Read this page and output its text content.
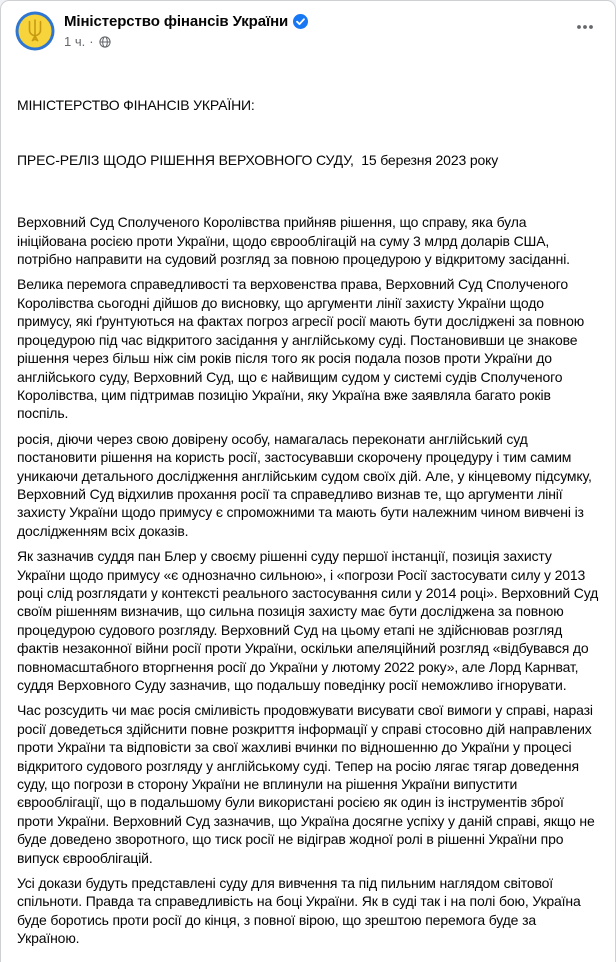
Міністерство фінансів України
1 ч. ·

МІНІСТЕРСТВО ФІНАНСІВ УКРАЇНИ:

ПРЕС-РЕЛІЗ ЩОДО РІШЕННЯ ВЕРХОВНОГО СУДУ,  15 березня 2023 року

Верховний Суд Сполученого Королівства прийняв рішення, що справу, яка була ініційована росією проти України, щодо єврооблігацій на суму 3 млрд доларів США, потрібно направити на судовий розгляд за повною процедурою у відкритому засіданні.

Велика перемога справедливості та верховенства права, Верховний Суд Сполученого Королівства сьогодні дійшов до висновку, що аргументи лінії захисту України щодо примусу, які ґрунтуються на фактах погроз агресії росії мають бути досліджені за повною процедурою під час відкритого засідання у англійському суді. Постановивши це знакове рішення через більш ніж сім років після того як росія подала позов проти України до англійського суду, Верховний Суд, що є найвищим судом у системі судів Сполученого Королівства, цим підтримав позицію України, яку Україна вже заявляла багато років поспіль.

росія, діючи через свою довірену особу, намагалась переконати англійський суд постановити рішення на користь росії, застосувавши скорочену процедуру і тим самим уникаючи детального дослідження англійським судом своїх дій. Але, у кінцевому підсумку, Верховний Суд відхилив прохання росії та справедливо визнав те, що аргументи лінії захисту України щодо примусу є спроможними та мають бути належним чином вивчені із дослідженням всіх доказів.

Як зазначив суддя пан Блер у своєму рішенні суду першої інстанції, позиція захисту України щодо примусу «є однозначно сильною», і «погрози Росії застосувати силу у 2013 році слід розглядати у контексті реального застосування сили у 2014 році». Верховний Суд своїм рішенням визначив, що сильна позиція захисту має бути досліджена за повною процедурою судового розгляду. Верховний Суд на цьому етапі не здійснював розгляд фактів незаконної війни росії проти України, оскільки апеляційний розгляд «відбувався до повномасштабного вторгнення росії до України у лютому 2022 року», але Лорд Карнват, суддя Верховного Суду зазначив, що подальшу поведінку росії неможливо ігнорувати.

Час розсудить чи має росія сміливість продовжувати висувати свої вимоги у справі, наразі росії доведеться здійснити повне розкриття інформації у справі стосовно дій направлених проти України та відповісти за свої жахливі вчинки по відношенню до України у процесі відкритого судового розгляду у англійському суді. Тепер на росію лягає тягар доведення суду, що погрози в сторону України не вплинули на рішення України випустити єврооблігації, що в подальшому були використані росією як один із інструментів зброї проти України. Верховний Суд зазначив, що Україна досягне успіху у даній справі, якщо не буде доведено зворотного, що тиск росії не відіграв жодної ролі в рішенні України про випуск єврооблігацій.

Усі докази будуть представлені суду для вивчення та під пильним наглядом світової спільноти. Правда та справедливість на боці України. Як в суді так і на полі бою, Україна буде боротись проти росії до кінця, з повної вірою, що зрештою перемога буде за Україною.
